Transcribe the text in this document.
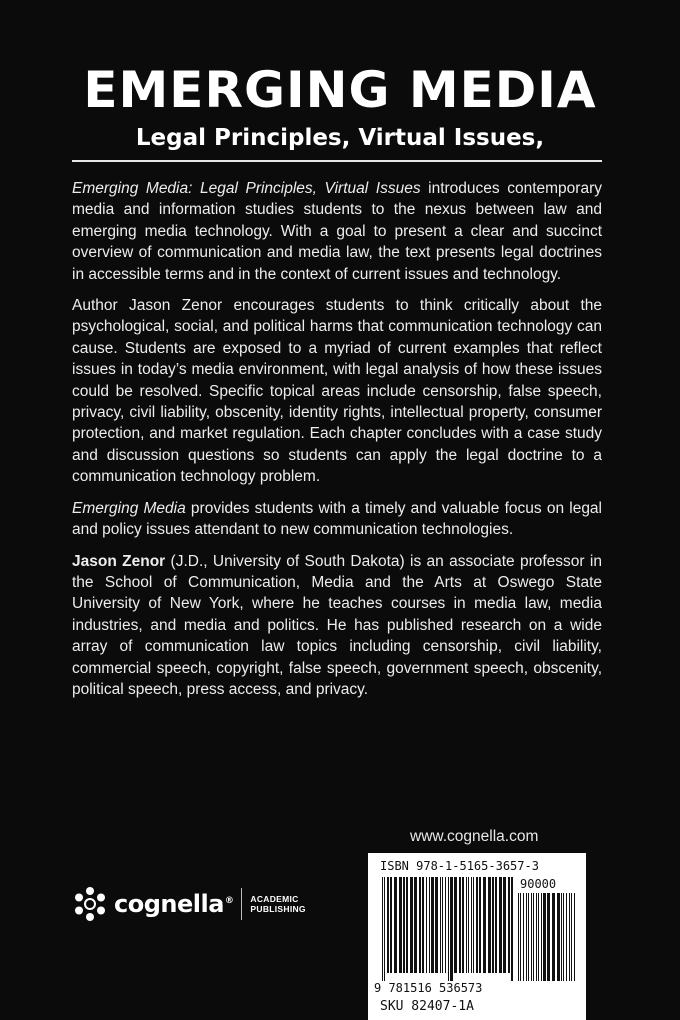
EMERGING MEDIA
Legal Principles, Virtual Issues,

Emerging Media: Legal Principles, Virtual Issues introduces contemporary media and information studies students to the nexus between law and emerging media technology. With a goal to present a clear and succinct overview of communication and media law, the text presents legal doctrines in accessible terms and in the context of current issues and technology.

Author Jason Zenor encourages students to think critically about the psychological, social, and political harms that communication technology can cause. Students are exposed to a myriad of current examples that reflect issues in today’s media environment, with legal analysis of how these issues could be resolved. Specific topical areas include censorship, false speech, privacy, civil liability, obscenity, identity rights, intellectual property, consumer protection, and market regulation. Each chapter concludes with a case study and discussion questions so students can apply the legal doctrine to a communication technology problem.

Emerging Media provides students with a timely and valuable focus on legal and policy issues attendant to new communication technologies.

Jason Zenor (J.D., University of South Dakota) is an associate professor in the School of Communication, Media and the Arts at Oswego State University of New York, where he teaches courses in media law, media industries, and media and politics. He has published research on a wide array of communication law topics including censorship, civil liability, commercial speech, copyright, false speech, government speech, obscenity, political speech, press access, and privacy.

www.cognella.com
cognella® ACADEMIC
PUBLISHING
ISBN 978-1-5165-3657-3
90000
9 781516 536573
SKU 82407-1A
